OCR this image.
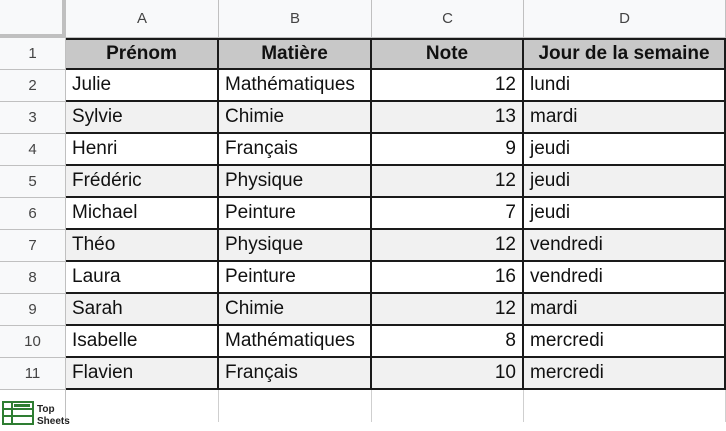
A	B	C	D
1	Prénom	Matière	Note	Jour de la semaine
2	Julie	Mathématiques	12 lundi
3	Sylvie	Chimie	13 mardi
4	Henri	Français	9 jeudi
5	Frédéric	Physique	12 jeudi
6	Michael	Peinture	7 jeudi
7	Théo	Physique	12 vendredi
8	Laura	Peinture	16 vendredi
9	Sarah	Chimie	12 mardi
10	Isabelle	Mathématiques	8 mercredi
11	Flavien	Français	10 mercredi
Top
Sheets
